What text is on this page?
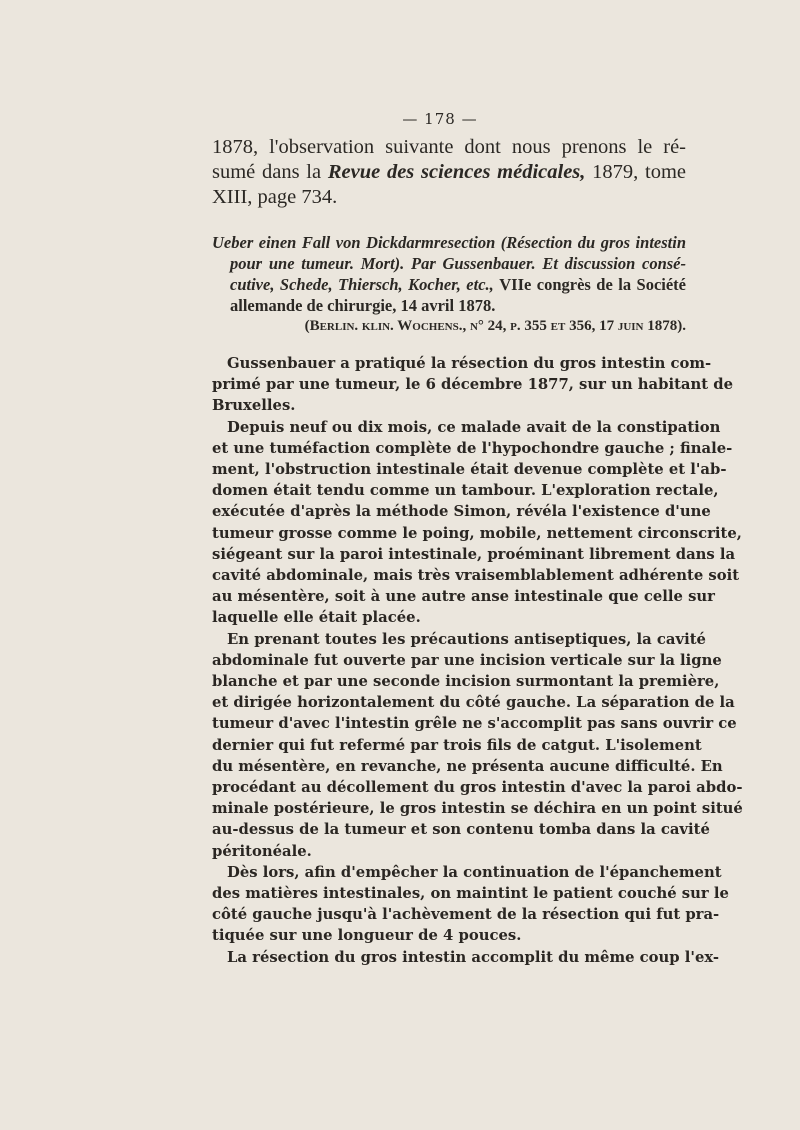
— 178 —
1878, l'observation suivante dont nous prenons le ré-
sumé dans la Revue des sciences médicales, 1879, tome
XIII, page 734.
Ueber einen Fall von Dickdarmresection (Résection du gros intestin
pour une tumeur. Mort). Par Gussenbauer. Et discussion consé-
cutive, Schede, Thiersch, Kocher, etc., VIIe congrès de la Société
allemande de chirurgie, 14 avril 1878.
(Berlin. klin. Wochens., n° 24, p. 355 et 356, 17 juin 1878).
Gussenbauer a pratiqué la résection du gros intestin com-
primé par une tumeur, le 6 décembre 1877, sur un habitant de
Bruxelles.
Depuis neuf ou dix mois, ce malade avait de la constipation
et une tuméfaction complète de l'hypochondre gauche ; finale-
ment, l'obstruction intestinale était devenue complète et l'ab-
domen était tendu comme un tambour. L'exploration rectale,
exécutée d'après la méthode Simon, révéla l'existence d'une
tumeur grosse comme le poing, mobile, nettement circonscrite,
siégeant sur la paroi intestinale, proéminant librement dans la
cavité abdominale, mais très vraisemblablement adhérente soit
au mésentère, soit à une autre anse intestinale que celle sur
laquelle elle était placée.
En prenant toutes les précautions antiseptiques, la cavité
abdominale fut ouverte par une incision verticale sur la ligne
blanche et par une seconde incision surmontant la première,
et dirigée horizontalement du côté gauche. La séparation de la
tumeur d'avec l'intestin grêle ne s'accomplit pas sans ouvrir ce
dernier qui fut refermé par trois fils de catgut. L'isolement
du mésentère, en revanche, ne présenta aucune difficulté. En
procédant au décollement du gros intestin d'avec la paroi abdo-
minale postérieure, le gros intestin se déchira en un point situé
au-dessus de la tumeur et son contenu tomba dans la cavité
péritonéale.
Dès lors, afin d'empêcher la continuation de l'épanchement
des matières intestinales, on maintint le patient couché sur le
côté gauche jusqu'à l'achèvement de la résection qui fut pra-
tiquée sur une longueur de 4 pouces.
La résection du gros intestin accomplit du même coup l'ex-
